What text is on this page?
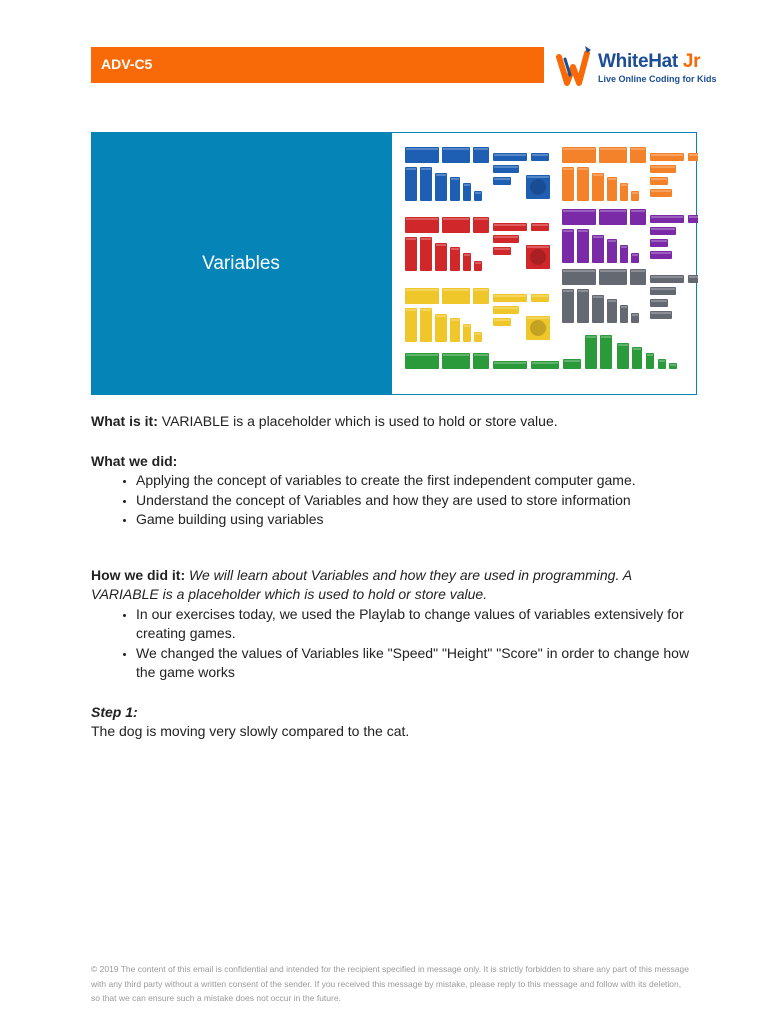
ADV-C5	WhiteHat Jr
Live Online Coding for Kids
Variables

What is it: VARIABLE is a placeholder which is used to hold or store value.

What we did:

• Applying the concept of variables to create the first independent computer game.
• Understand the concept of Variables and how they are used to store information
• Game building using variables

How we did it: We will learn about Variables and how they are used in programming. A VARIABLE is a placeholder which is used to hold or store value.

• In our exercises today, we used the Playlab to change values of variables extensively for creating games.
• We changed the values of Variables like "Speed" "Height" "Score" in order to change how the game works

Step 1:

The dog is moving very slowly compared to the cat.

© 2019 The content of this email is confidential and intended for the recipient specified in message only. It is strictly forbidden to share any part of this message with any third party without a written consent of the sender. If you received this message by mistake, please reply to this message and follow with its deletion, so that we can ensure such a mistake does not occur in the future.
